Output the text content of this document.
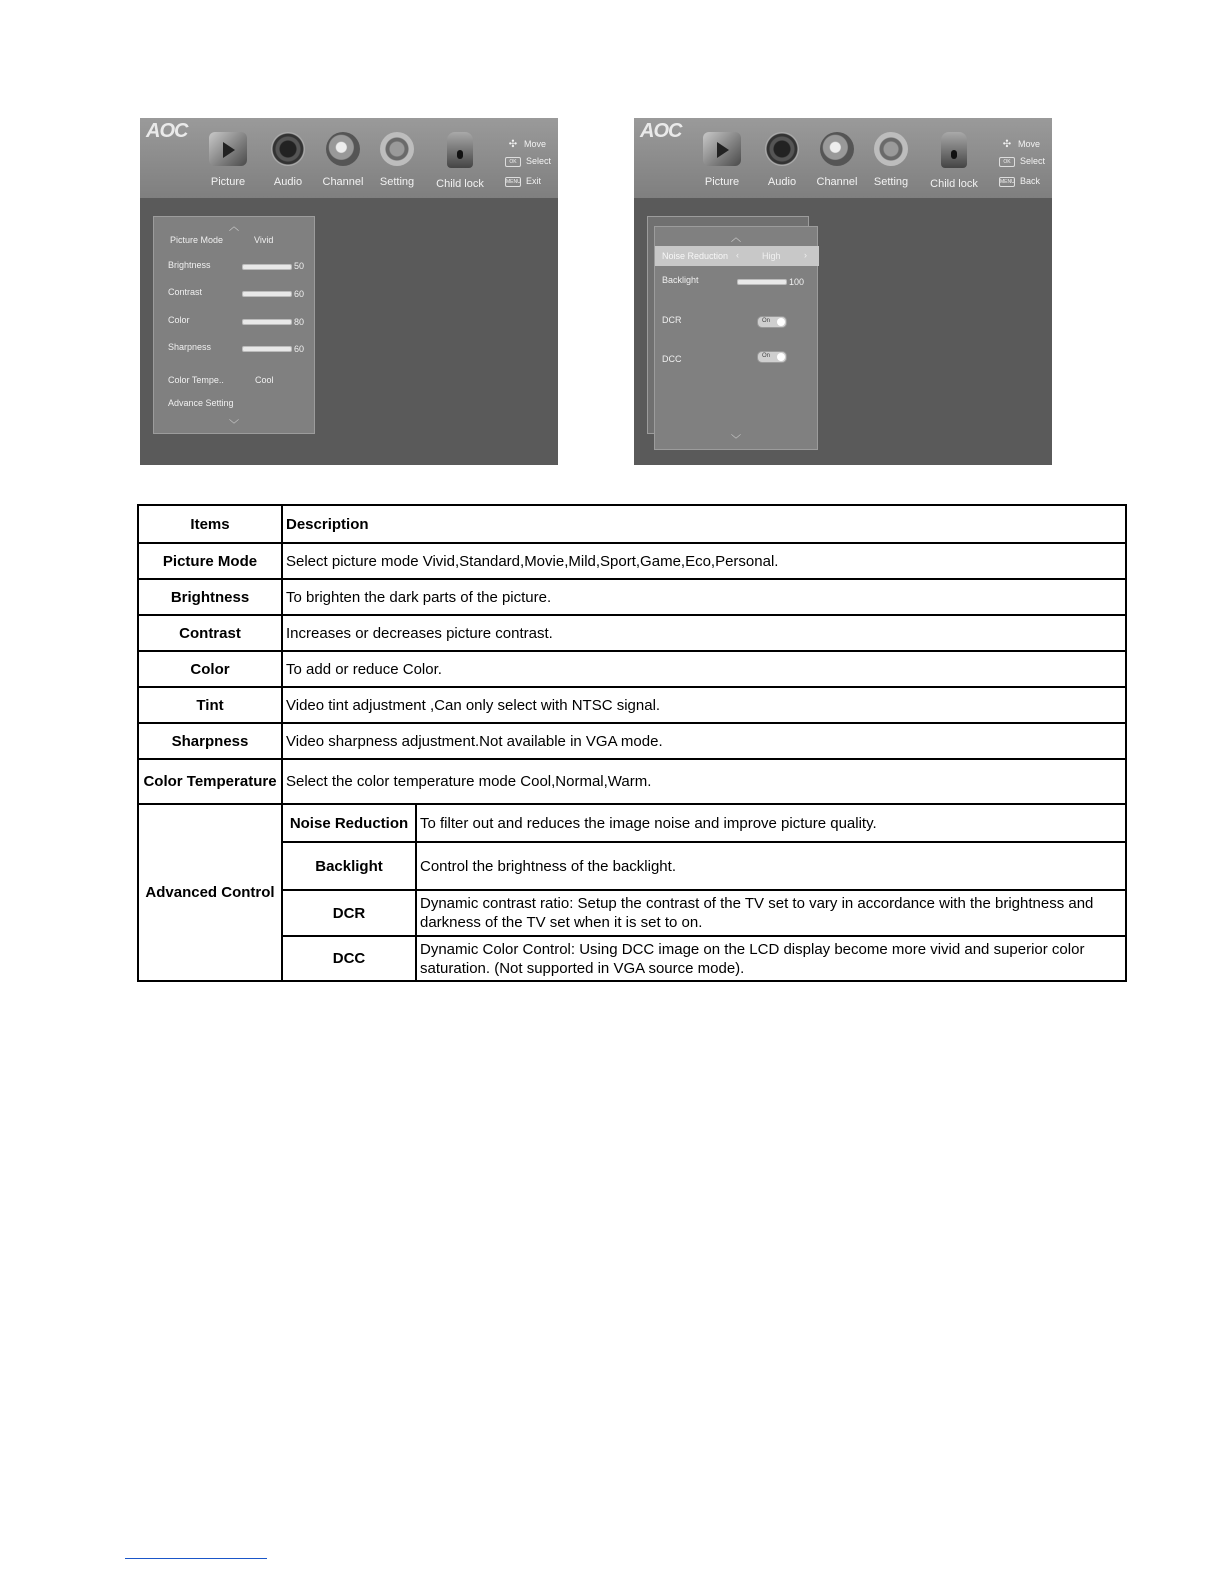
AOC
Picture	Audio	Channel	Setting	Child lock
✣ Move
OK Select
MENU Exit
︿
Picture Mode	Vivid
Brightness	50
Contrast	60
Color	80
Sharpness	60
Color Tempe..	Cool
Advance Setting
﹀
AOC
Picture	Audio	Channel	Setting	Child lock
✣ Move
OK Select
MENU Back
︿
Noise Reduction ‹	High	›
Backlight	100
DCR	On
DCC	On
﹀
Items	Description	
Picture Mode	Select picture mode Vivid,Standard,Movie,Mild,Sport,Game,Eco,Personal.	
Brightness	To brighten the dark parts of the picture.	
Contrast	Increases or decreases picture contrast.	
Color	To add or reduce Color.	
Tint	Video tint adjustment ,Can only select with NTSC signal.	
Sharpness	Video sharpness adjustment.Not available in VGA mode.	
Color Temperature	Select the color temperature mode Cool,Normal,Warm.	
Advanced Control	Noise Reduction	To filter out and reduces the image noise and improve picture quality.
	Backlight	Control the brightness of the backlight.
	DCR	Dynamic contrast ratio: Setup the contrast of the TV set to vary in accordance with the brightness and darkness of the TV set when it is set to on.
	DCC	Dynamic Color Control: Using DCC image on the LCD display become more vivid and superior color saturation. (Not supported in VGA source mode).
